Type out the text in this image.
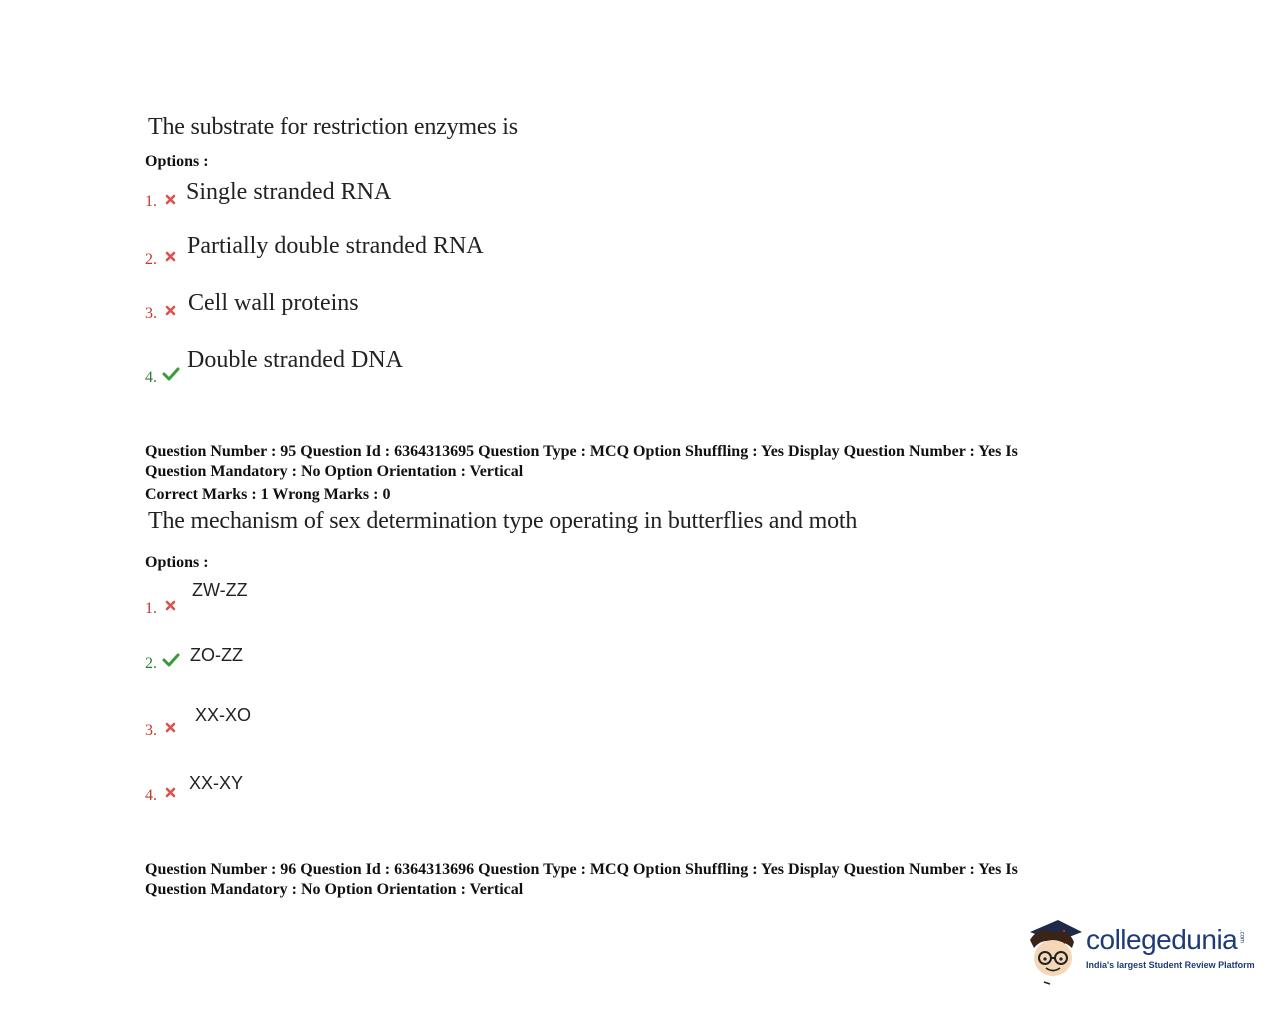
The substrate for restriction enzymes is
Options :
1. Single stranded RNA
2.
Partially double stranded RNA
3. Cell wall proteins
4.
Double stranded DNA
Question Number : 95 Question Id : 6364313695 Question Type : MCQ Option Shuffling : Yes Display Question Number : Yes Is
Question Mandatory : No Option Orientation : Vertical
Correct Marks : 1 Wrong Marks : 0
The mechanism of sex determination type operating in butterflies and moth
Options :
1.
ZW-ZZ
2. ZO-ZZ
3.
XX-XO
4.
XX-XY
Question Number : 96 Question Id : 6364313696 Question Type : MCQ Option Shuffling : Yes Display Question Number : Yes Is
Question Mandatory : No Option Orientation : Vertical
collegedunia .com
India's largest Student Review Platform
